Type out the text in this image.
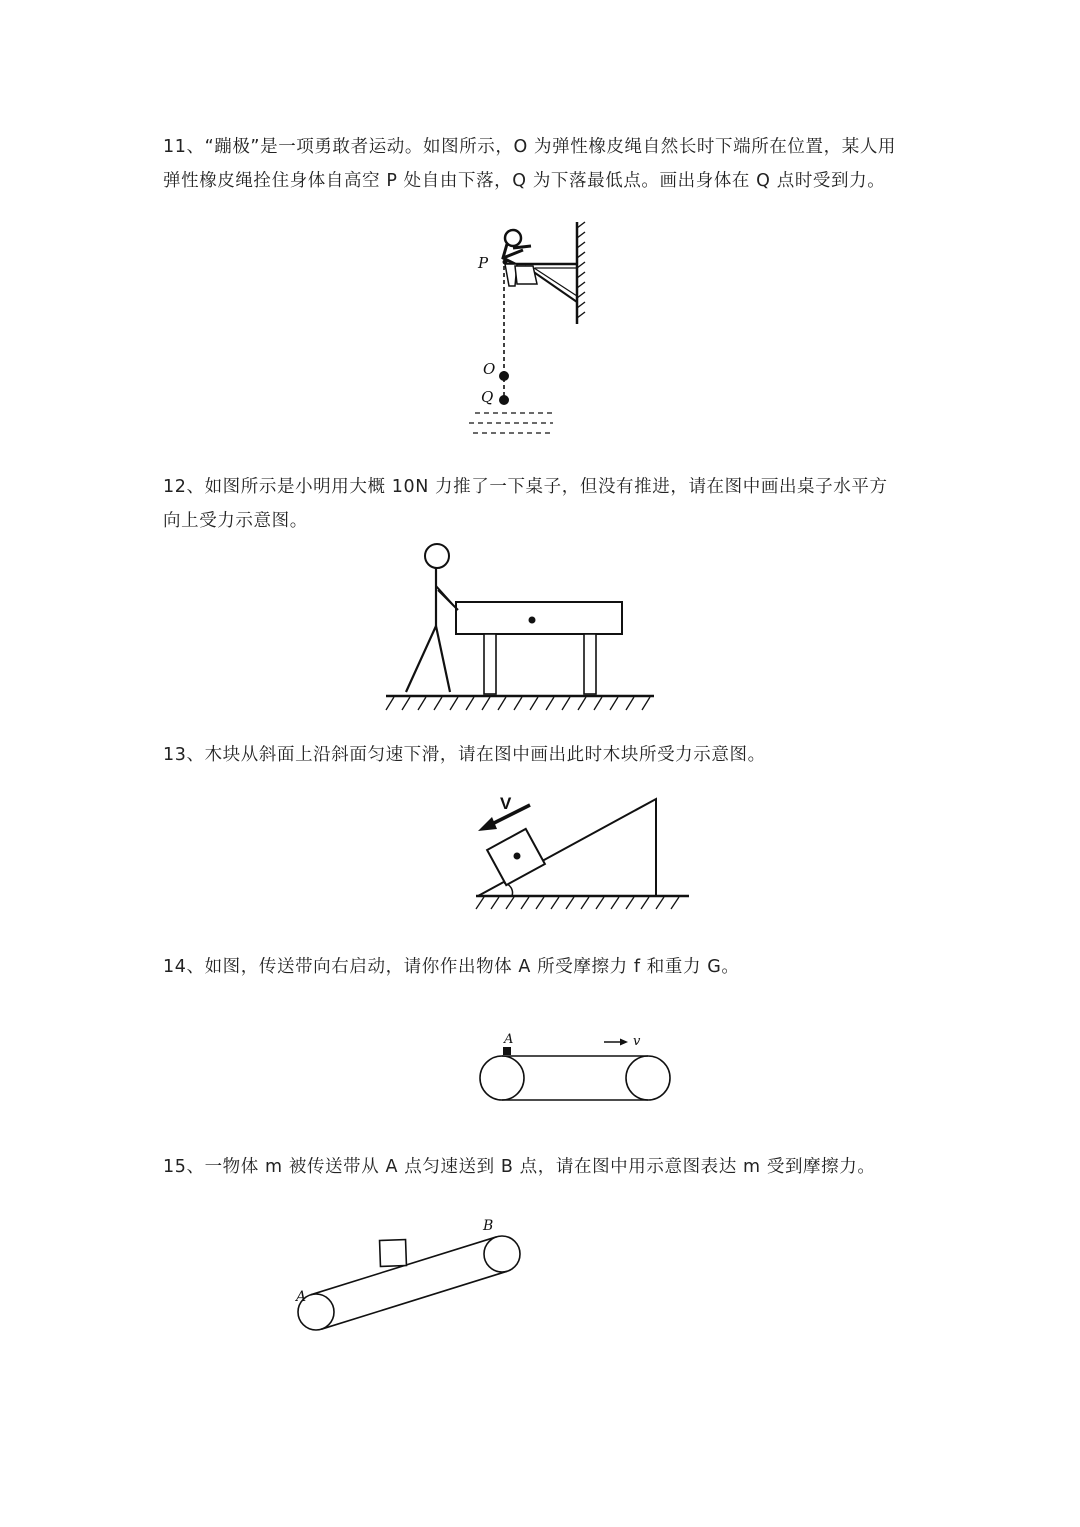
11、“蹦极”是一项勇敢者运动。如图所示，O 为弹性橡皮绳自然长时下端所在位置，某人用

弹性橡皮绳拴住身体自高空 P 处自由下落，Q 为下落最低点。画出身体在 Q 点时受到力。

P
O
Q

12、如图所示是小明用大概 10N 力推了一下桌子，但没有推进，请在图中画出桌子水平方

向上受力示意图。

13、木块从斜面上沿斜面匀速下滑，请在图中画出此时木块所受力示意图。

V

14、如图，传送带向右启动，请你作出物体 A 所受摩擦力 f 和重力 G。

A	v

15、一物体 m 被传送带从 A 点匀速送到 B 点，请在图中用示意图表达 m 受到摩擦力。

A
B
